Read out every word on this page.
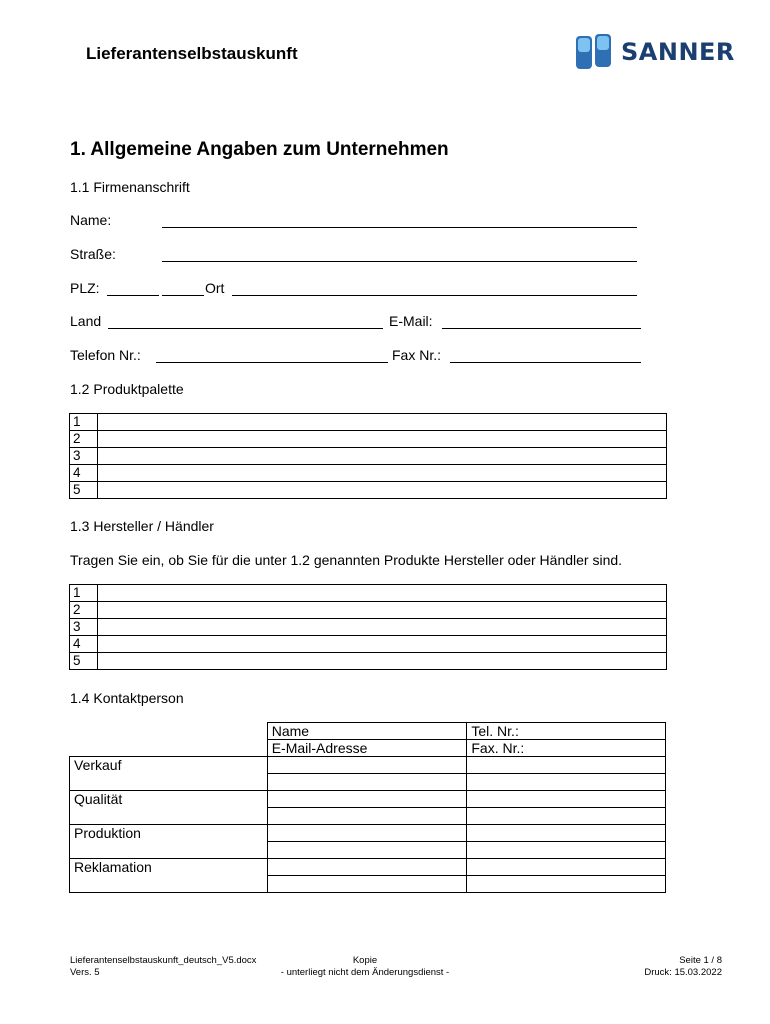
Lieferantenselbstauskunft	SANNER
1. Allgemeine Angaben zum Unternehmen
1.1 Firmenanschrift
Name:
Straße:
PLZ:	Ort
Land	E-Mail:
Telefon Nr.:	Fax Nr.:
1.2 Produktpalette
1	
2	
3	
4	
5	
1.3 Hersteller / Händler
Tragen Sie ein, ob Sie für die unter 1.2 genannten Produkte Hersteller oder Händler sind.
1	
2	
3	
4	
5	
1.4 Kontaktperson
	Name	Tel. Nr.:
	E-Mail-Adresse	Fax. Nr.:
Verkauf		

Qualität		

Produktion		

Reklamation		

Lieferantenselbstauskunft_deutsch_V5.docx
Vers. 5
Kopie
- unterliegt nicht dem Änderungsdienst -
Seite 1 / 8
Druck: 15.03.2022
